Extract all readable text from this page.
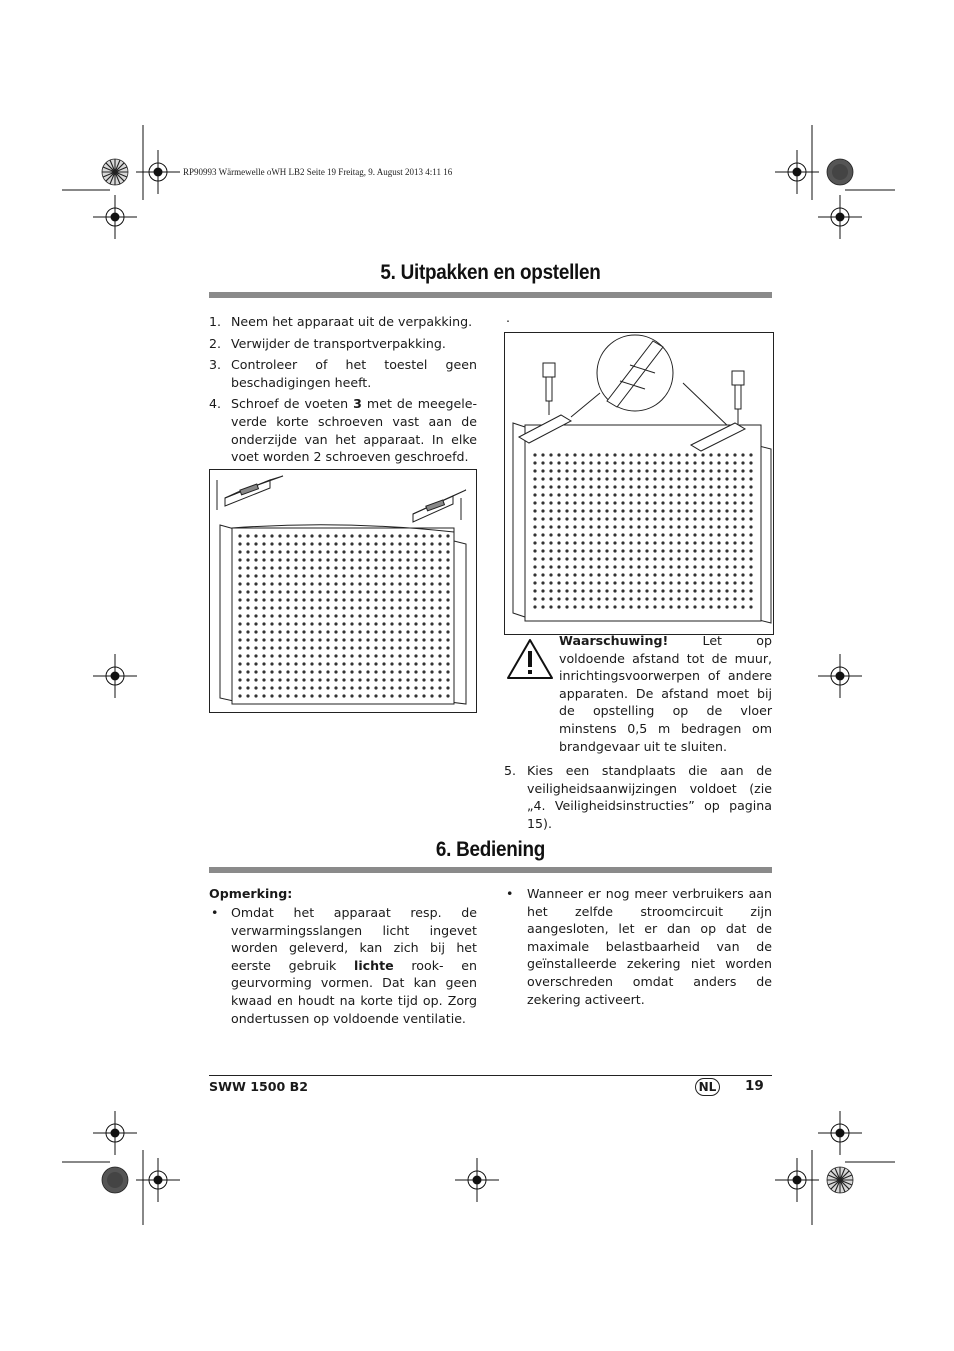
RP90993 Wärmewelle oWH LB2 Seite 19 Freitag, 9. August 2013 4:11 16
5. Uitpakken en opstellen
1. Neem het apparaat uit de verpakking.
2. Verwijder de transportverpakking.
3. Controleer of het toestel geen beschadigingen heeft.
4. Schroef de voeten 3 met de meegele-verde korte schroeven vast aan de onderzijde van het apparaat. In elke voet worden 2 schroeven geschroefd.
.
Waarschuwing! Let op voldoende afstand tot de muur, inrichtingsvoorwerpen of andere apparaten. De afstand moet bij de opstelling op de vloer minstens 0,5 m bedragen om brandgevaar uit te sluiten.
5. Kies een standplaats die aan de veiligheidsaanwijzingen voldoet (zie „4. Veiligheidsinstructies” op pagina 15).
6. Bediening
Opmerking:
• Omdat het apparaat resp. de verwarmingsslangen licht ingevet worden geleverd, kan zich bij het eerste gebruik lichte rook- en geurvorming vormen. Dat kan geen kwaad en houdt na korte tijd op. Zorg ondertussen op voldoende ventilatie.
• Wanneer er nog meer verbruikers aan het zelfde stroomcircuit zijn aangesloten, let er dan op dat de maximale belastbaarheid van de geïnstalleerde zekering niet worden overschreden omdat anders de zekering activeert.
SWW 1500 B2	NL 19
